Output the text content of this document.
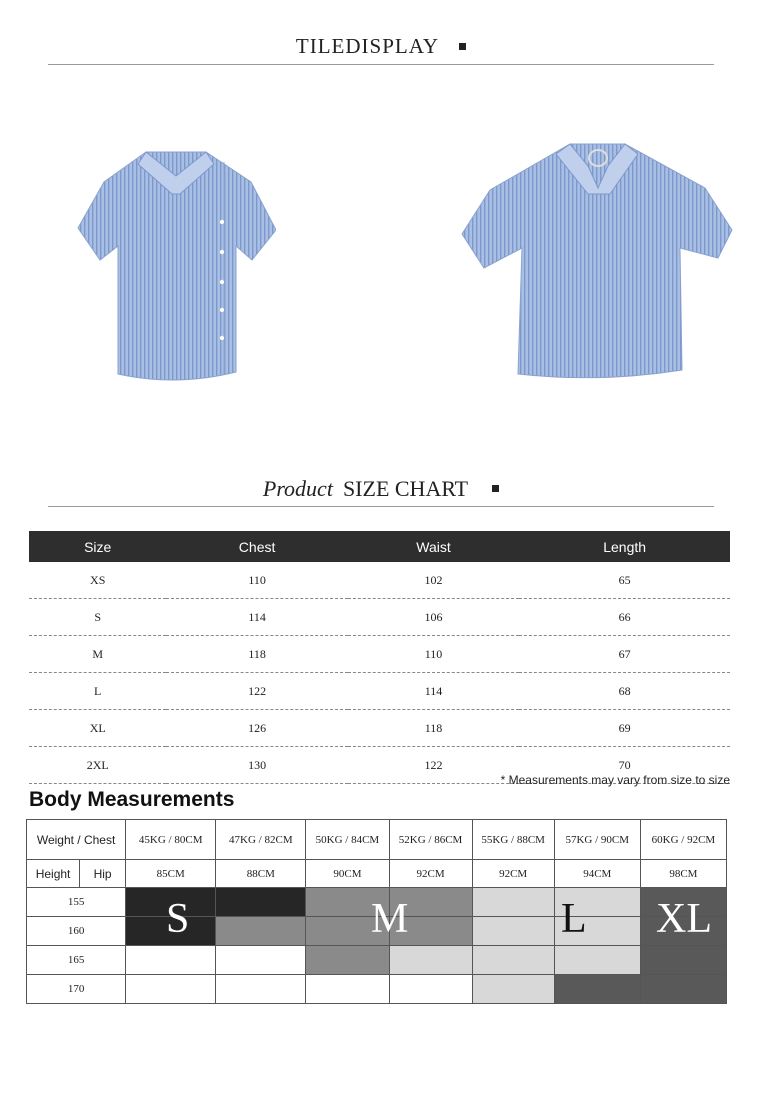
TILEDISPLAY
Product SIZE CHART
Size	Chest	Waist	Length
XS	110	102	65
S	114	106	66
M	118	110	67
L	122	114	68
XL	126	118	69
2XL	130	122	70
* Measurements may vary from size to size
Body Measurements
Weight / Chest		45KG / 80CM	47KG / 82CM	50KG / 84CM	52KG / 86CM	55KG / 88CM	57KG / 90CM	60KG / 92CM
Height	Hip	85CM	88CM	90CM	92CM	92CM	94CM	98CM
155								
160								
165								
170								
S	M	L XL
